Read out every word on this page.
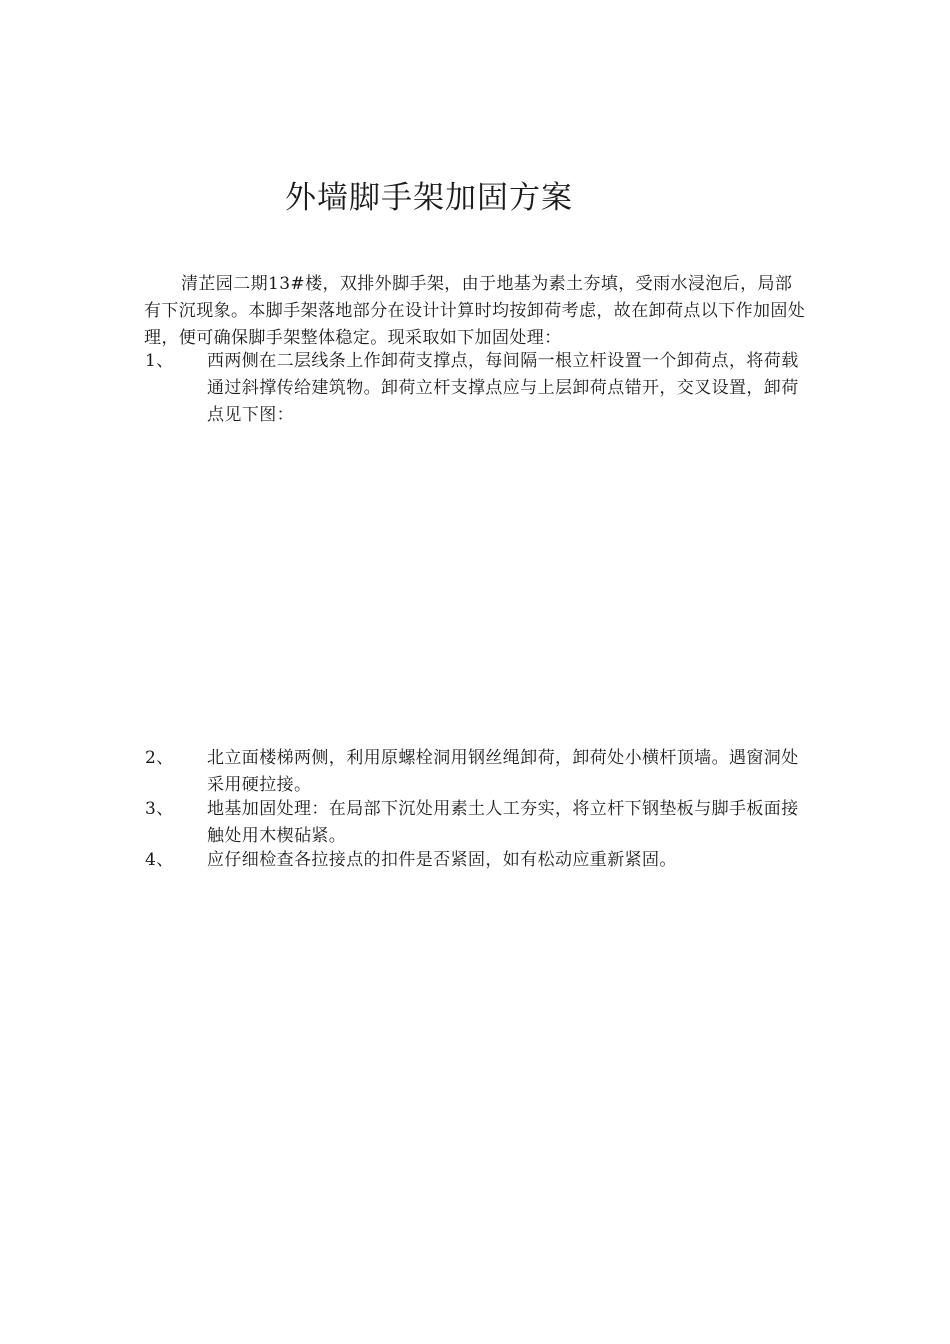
外墙脚手架加固方案

清芷园二期13#楼，双排外脚手架，由于地基为素土夯填，受雨水浸泡后，局部有下沉现象。本脚手架落地部分在设计计算时均按卸荷考虑，故在卸荷点以下作加固处理，便可确保脚手架整体稳定。现采取如下加固处理：

1、 西两侧在二层线条上作卸荷支撑点，每间隔一根立杆设置一个卸荷点，将荷载通过斜撑传给建筑物。卸荷立杆支撑点应与上层卸荷点错开，交叉设置，卸荷点见下图：
2、 北立面楼梯两侧，利用原螺栓洞用钢丝绳卸荷，卸荷处小横杆顶墙。遇窗洞处采用硬拉接。
3、 地基加固处理：在局部下沉处用素土人工夯实，将立杆下钢垫板与脚手板面接触处用木楔砧紧。
4、 应仔细检查各拉接点的扣件是否紧固，如有松动应重新紧固。
